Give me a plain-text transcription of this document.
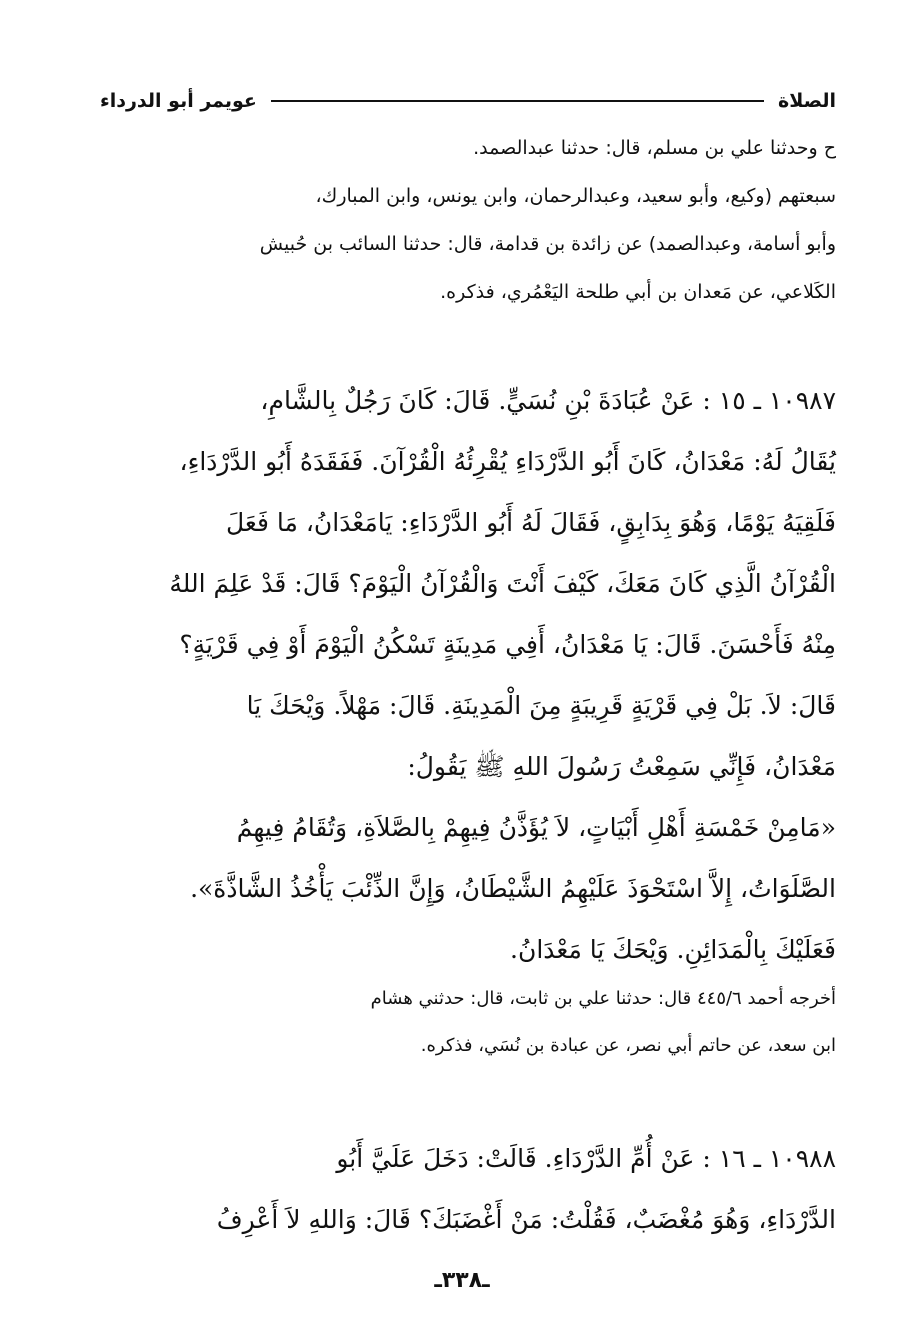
الصلاة
عويمر أبو الدرداء
ح وحدثنا علي بن مسلم، قال: حدثنا عبدالصمد.
سبعتهم (وكيع، وأبو سعيد، وعبدالرحمان، وابن يونس، وابن المبارك،
وأبو أسامة، وعبدالصمد) عن زائدة بن قدامة، قال: حدثنا السائب بن حُبيش
الكَلاعي، عن مَعدان بن أبي طلحة اليَعْمُري، فذكره.
١٠٩٨٧ ـ ١٥ : عَنْ عُبَادَةَ بْنِ نُسَيٍّ. قَالَ: كَانَ رَجُلٌ بِالشَّامِ،
يُقَالُ لَهُ: مَعْدَانُ، كَانَ أَبُو الدَّرْدَاءِ يُقْرِئُهُ الْقُرْآنَ. فَفَقَدَهُ أَبُو الدَّرْدَاءِ،
فَلَقِيَهُ يَوْمًا، وَهُوَ بِدَابِقٍ، فَقَالَ لَهُ أَبُو الدَّرْدَاءِ: يَامَعْدَانُ، مَا فَعَلَ
الْقُرْآنُ الَّذِي كَانَ مَعَكَ، كَيْفَ أَنْتَ وَالْقُرْآنُ الْيَوْمَ؟ قَالَ: قَدْ عَلِمَ اللهُ
مِنْهُ فَأَحْسَنَ. قَالَ: يَا مَعْدَانُ، أَفِي مَدِينَةٍ تَسْكُنُ الْيَوْمَ أَوْ فِي قَرْيَةٍ؟
قَالَ: لاَ. بَلْ فِي قَرْيَةٍ قَرِيبَةٍ مِنَ الْمَدِينَةِ. قَالَ: مَهْلاً. وَيْحَكَ يَا
مَعْدَانُ، فَإِنِّي سَمِعْتُ رَسُولَ اللهِ ﷺ يَقُولُ:
«مَامِنْ خَمْسَةِ أَهْلِ أَبْيَاتٍ، لاَ يُؤَذَّنُ فِيهِمْ بِالصَّلاَةِ، وَتُقَامُ فِيهِمُ
الصَّلَوَاتُ، إِلاَّ اسْتَحْوَذَ عَلَيْهِمُ الشَّيْطَانُ، وَإِنَّ الذِّئْبَ يَأْخُذُ الشَّاذَّةَ».
فَعَلَيْكَ بِالْمَدَائِنِ. وَيْحَكَ يَا مَعْدَانُ.
أخرجه أحمد ٤٤٥/٦ قال: حدثنا علي بن ثابت، قال: حدثني هشام
ابن سعد، عن حاتم أبي نصر، عن عبادة بن نُسَي، فذكره.
١٠٩٨٨ ـ ١٦ : عَنْ أُمِّ الدَّرْدَاءِ. قَالَتْ: دَخَلَ عَلَيَّ أَبُو
الدَّرْدَاءِ، وَهُوَ مُغْضَبٌ، فَقُلْتُ: مَنْ أَغْضَبَكَ؟ قَالَ: وَاللهِ لاَ أَعْرِفُ
ـ٣٣٨ـ
